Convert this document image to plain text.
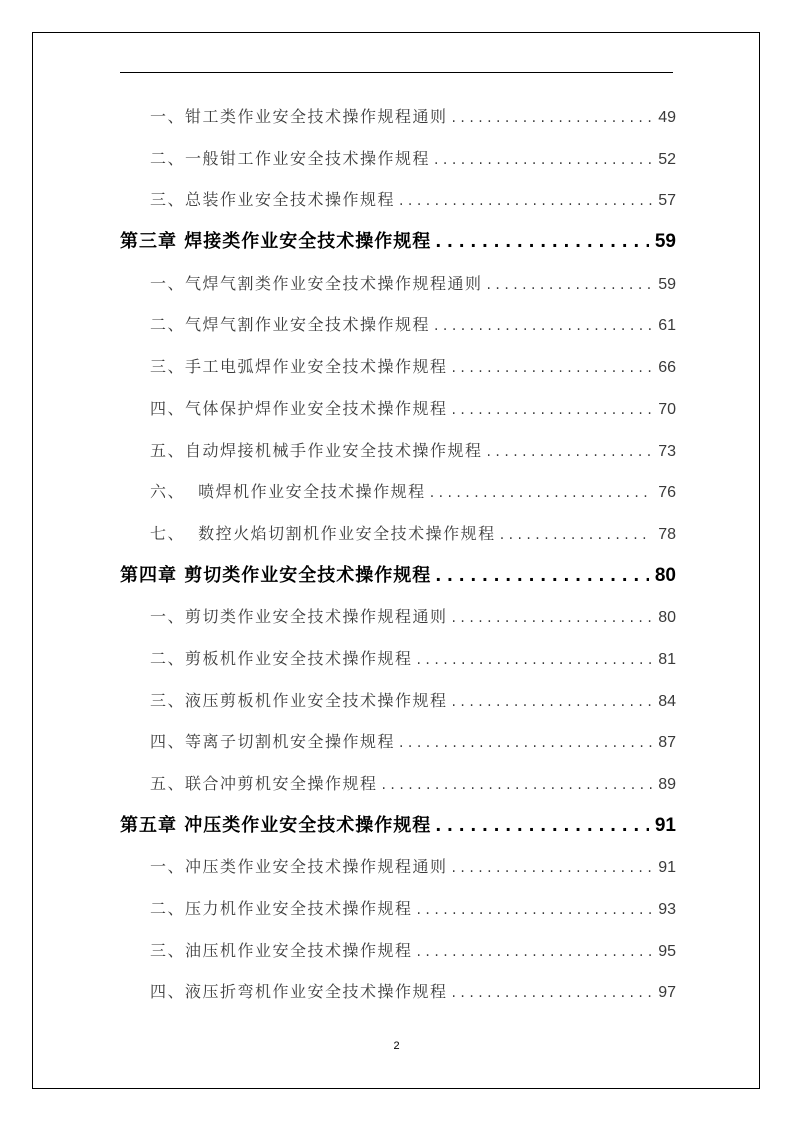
一、钳工类作业安全技术操作规程通则 . . .	49
二、一般钳工作业安全技术操作规程 . . .	52
三、总装作业安全技术操作规程 . . .	57
第三章 焊接类作业安全技术操作规程 . . .	59
一、气焊气割类作业安全技术操作规程通则 . . .	59
二、气焊气割作业安全技术操作规程 . . .	61
三、手工电弧焊作业安全技术操作规程 . . .	66
四、气体保护焊作业安全技术操作规程 . . .	70
五、自动焊接机械手作业安全技术操作规程 . . .	73
六、  喷焊机作业安全技术操作规程 . . .	76
七、  数控火焰切割机作业安全技术操作规程 . . .	78
第四章 剪切类作业安全技术操作规程 . . .	80
一、剪切类作业安全技术操作规程通则 . . .	80
二、剪板机作业安全技术操作规程 . . .	81
三、液压剪板机作业安全技术操作规程 . . .	84
四、等离子切割机安全操作规程 . . .	87
五、联合冲剪机安全操作规程 . . .	89
第五章 冲压类作业安全技术操作规程 . . .	91
一、冲压类作业安全技术操作规程通则 . . .	91
二、压力机作业安全技术操作规程 . . .	93
三、油压机作业安全技术操作规程 . . .	95
四、液压折弯机作业安全技术操作规程 . . .	97
2
